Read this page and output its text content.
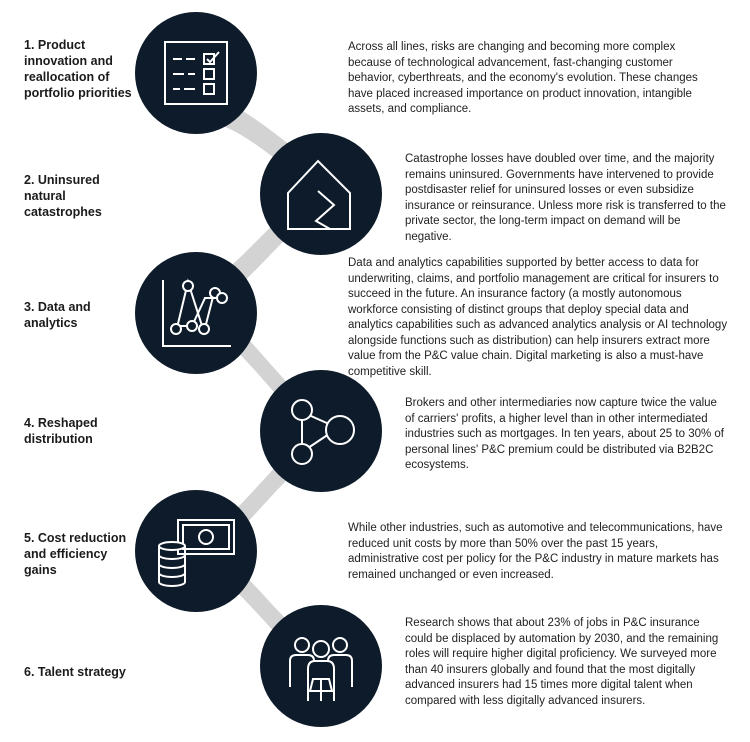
1. Product innovation and reallocation of portfolio priorities
Across all lines, risks are changing and becoming more complex because of technological advancement, fast-changing customer behavior, cyberthreats, and the economy's evolution. These changes have placed increased importance on product innovation, intangible assets, and compliance.
2. Uninsured natural catastrophes
Catastrophe losses have doubled over time, and the majority remains uninsured. Governments have intervened to provide postdisaster relief for uninsured losses or even subsidize insurance or reinsurance. Unless more risk is transferred to the private sector, the long-term impact on demand will be negative.
3. Data and analytics
Data and analytics capabilities supported by better access to data for underwriting, claims, and portfolio management are critical for insurers to succeed in the future. An insurance factory (a mostly autonomous workforce consisting of distinct groups that deploy special data and analytics capabilities such as advanced analytics analysis or AI technology alongside functions such as distribution) can help insurers extract more value from the P&C value chain. Digital marketing is also a must-have competitive skill.
4. Reshaped distribution
Brokers and other intermediaries now capture twice the value of carriers' profits, a higher level than in other intermediated industries such as mortgages. In ten years, about 25 to 30% of personal lines' P&C premium could be distributed via B2B2C ecosystems.
5. Cost reduction and efficiency gains
While other industries, such as automotive and telecommunications, have reduced unit costs by more than 50% over the past 15 years, administrative cost per policy for the P&C industry in mature markets has remained unchanged or even increased.
6. Talent strategy
Research shows that about 23% of jobs in P&C insurance could be displaced by automation by 2030, and the remaining roles will require higher digital proficiency. We surveyed more than 40 insurers globally and found that the most digitally advanced insurers had 15 times more digital talent when compared with less digitally advanced insurers.
